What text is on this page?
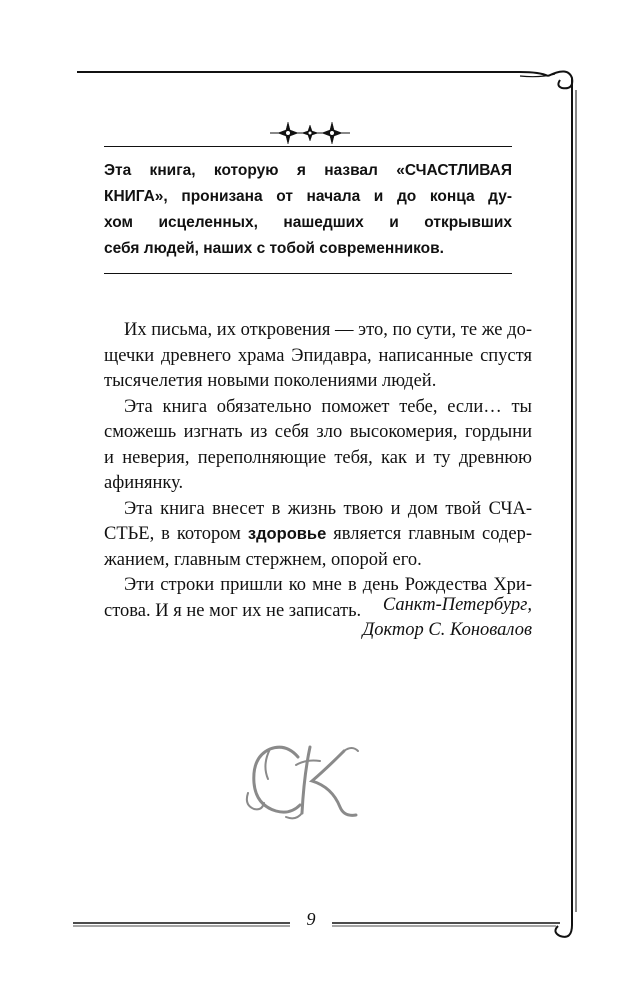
Эта книга, которую я назвал «СЧАСТЛИВАЯ
КНИГА», пронизана от начала и до конца ду-
хом исцеленных, нашедших и открывших
себя людей, наших с тобой современников.
Их письма, их откровения — это, по сути, те же до-
щечки древнего храма Эпидавра, написанные спустя
тысячелетия новыми поколениями людей.
Эта книга обязательно поможет тебе, если… ты
сможешь изгнать из себя зло высокомерия, гордыни
и неверия, переполняющие тебя, как и ту древнюю
афинянку.
Эта книга внесет в жизнь твою и дом твой СЧА-
СТЬЕ, в котором здоровье является главным содер-
жанием, главным стержнем, опорой его.
Эти строки пришли ко мне в день Рождества Хри-
стова. И я не мог их не записать.	Санкт-Петербург,
Доктор С. Коновалов
9
